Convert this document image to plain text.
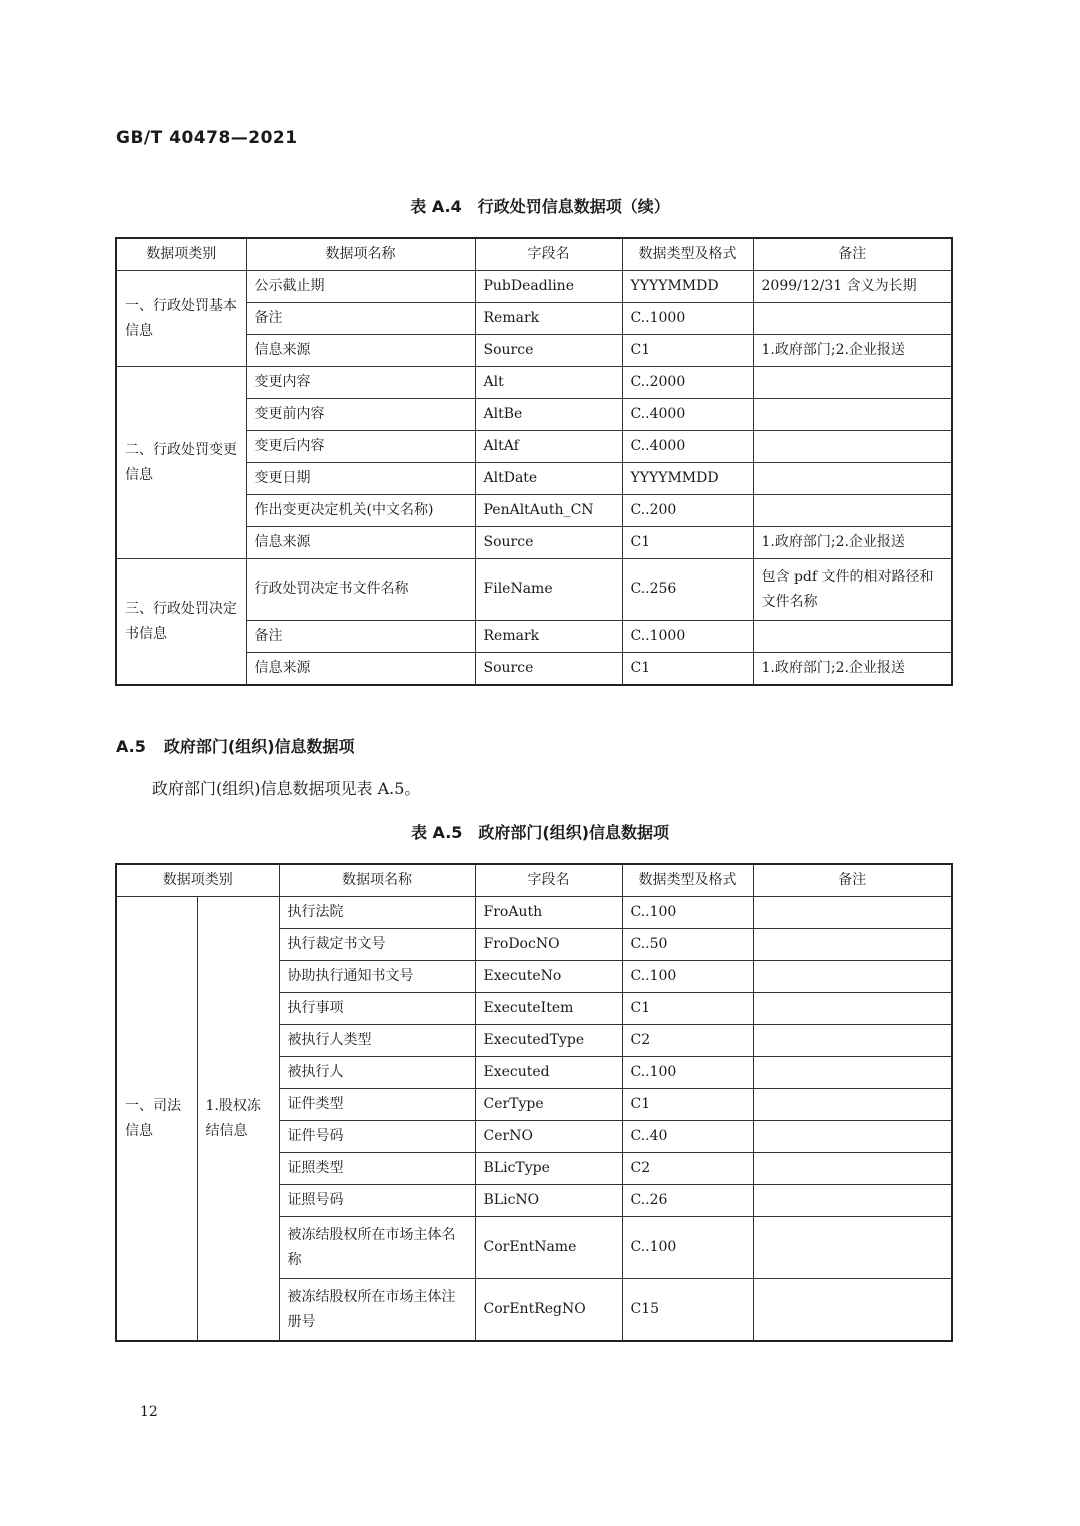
GB/T 40478—2021
表 A.4　行政处罚信息数据项（续）
数据项类别	数据项名称	字段名	数据类型及格式	备注
一、行政处罚基本信息	公示截止期	PubDeadline	YYYYMMDD	2099/12/31 含义为长期
	备注	Remark	C..1000	
	信息来源	Source	C1	1.政府部门;2.企业报送
二、行政处罚变更信息	变更内容	Alt	C..2000	
	变更前内容	AltBe	C..4000	
	变更后内容	AltAf	C..4000	
	变更日期	AltDate	YYYYMMDD	
	作出变更决定机关(中文名称)	PenAltAuth_CN	C..200	
	信息来源	Source	C1	1.政府部门;2.企业报送
三、行政处罚决定书信息	行政处罚决定书文件名称	FileName	C..256	包含 pdf 文件的相对路径和文件名称
	备注	Remark	C..1000	
	信息来源	Source	C1	1.政府部门;2.企业报送
A.5 政府部门(组织)信息数据项
政府部门(组织)信息数据项见表 A.5。
表 A.5　政府部门(组织)信息数据项
数据项类别		数据项名称	字段名	数据类型及格式	备注
一、司法信息	1.股权冻结信息	执行法院	FroAuth	C..100	
		执行裁定书文号	FroDocNO	C..50	
		协助执行通知书文号	ExecuteNo	C..100	
		执行事项	ExecuteItem	C1	
		被执行人类型	ExecutedType	C2	
		被执行人	Executed	C..100	
		证件类型	CerType	C1	
		证件号码	CerNO	C..40	
		证照类型	BLicType	C2	
		证照号码	BLicNO	C..26	
		被冻结股权所在市场主体名称	CorEntName	C..100	
		被冻结股权所在市场主体注册号	CorEntRegNO	C15	
12
